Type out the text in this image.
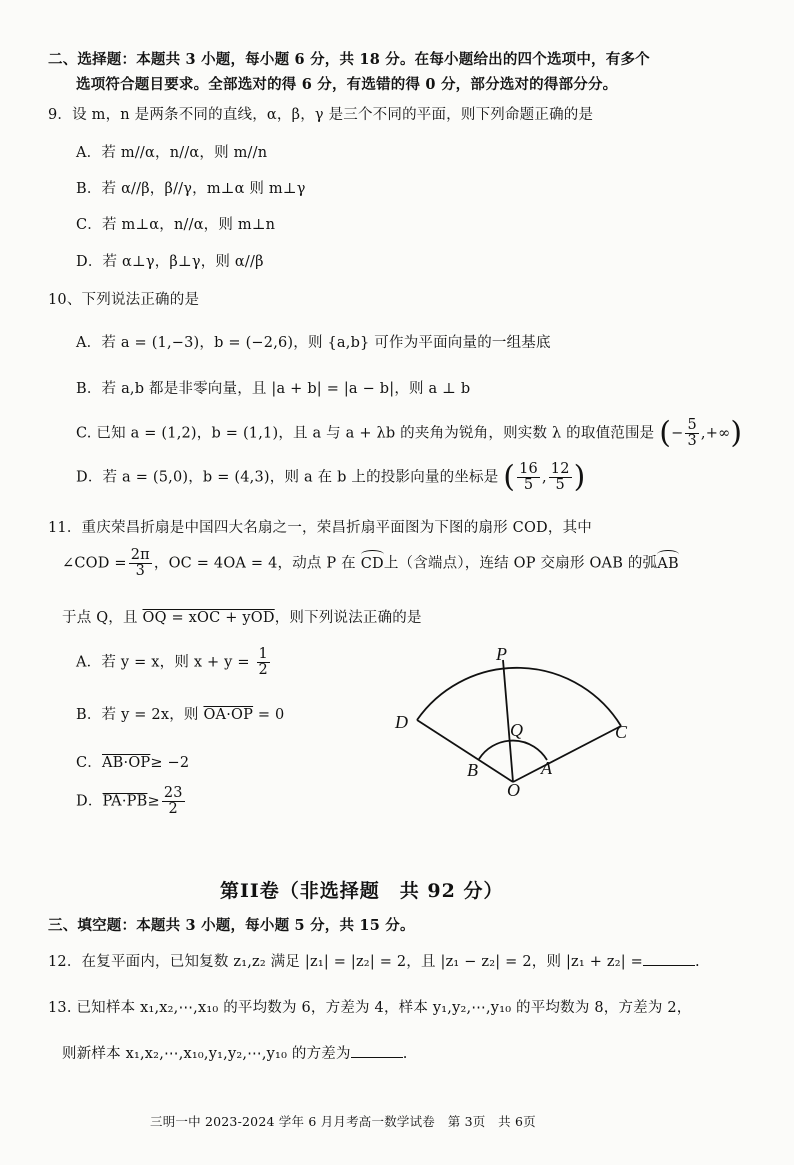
二、选择题：本题共 3 小题，每小题 6 分，共 18 分。在每小题给出的四个选项中，有多个
选项符合题目要求。全部选对的得 6 分，有选错的得 0 分，部分选对的得部分分。
9．设 m，n 是两条不同的直线，α，β，γ 是三个不同的平面，则下列命题正确的是
A．若 m//α，n//α，则 m//n
B．若 α//β，β//γ，m⊥α 则 m⊥γ
C．若 m⊥α，n//α，则 m⊥n
D．若 α⊥γ，β⊥γ，则 α//β
10、下列说法正确的是
A．若 a = (1,−3)，b = (−2,6)，则 {a,b} 可作为平面向量的一组基底
B．若 a,b 都是非零向量，且 |a + b| = |a − b|，则 a ⊥ b
C. 已知 a = (1,2)，b = (1,1)，且 a 与 a + λb 的夹角为锐角，则实数 λ 的取值范围是 (− $\frac{5}{3}$ ,+∞)
D．若 a = (5,0)，b = (4,3)，则 a 在 b 上的投影向量的坐标是 ( $\frac{16}{5}$ , $\frac{12}{5}$ )
11．重庆荣昌折扇是中国四大名扇之一，荣昌折扇平面图为下图的扇形 COD，其中
∠COD = $\frac{2\pi}{3}$ ，OC = 4OA = 4，动点 P 在 CD上（含端点），连结 OP 交扇形 OAB 的弧AB
于点 Q，且 OQ = xOC + yOD，则下列说法正确的是
A．若 y = x，则 $x + y = \frac{1}{2}$
B．若 y = 2x，则 OA·OP = 0
C．AB·OP≥ −2
D．$PA\cdot PB\ge \frac{23}{2}$
P
Q
D	C
B	A
O
第II卷（非选择题　共 92 分）
三、填空题：本题共 3 小题，每小题 5 分，共 15 分。
12．在复平面内，已知复数 z₁,z₂ 满足 |z₁| = |z₂| = 2，且 |z₁ − z₂| = 2，则 |z₁ + z₂| =	.
13. 已知样本 x₁,x₂,⋯,x₁₀ 的平均数为 6，方差为 4，样本 y₁,y₂,⋯,y₁₀ 的平均数为 8，方差为 2，
则新样本 x₁,x₂,⋯,x₁₀,y₁,y₂,⋯,y₁₀ 的方差为	.
三明一中 2023-2024 学年 6 月月考高一数学试卷　第 3页　共 6页
